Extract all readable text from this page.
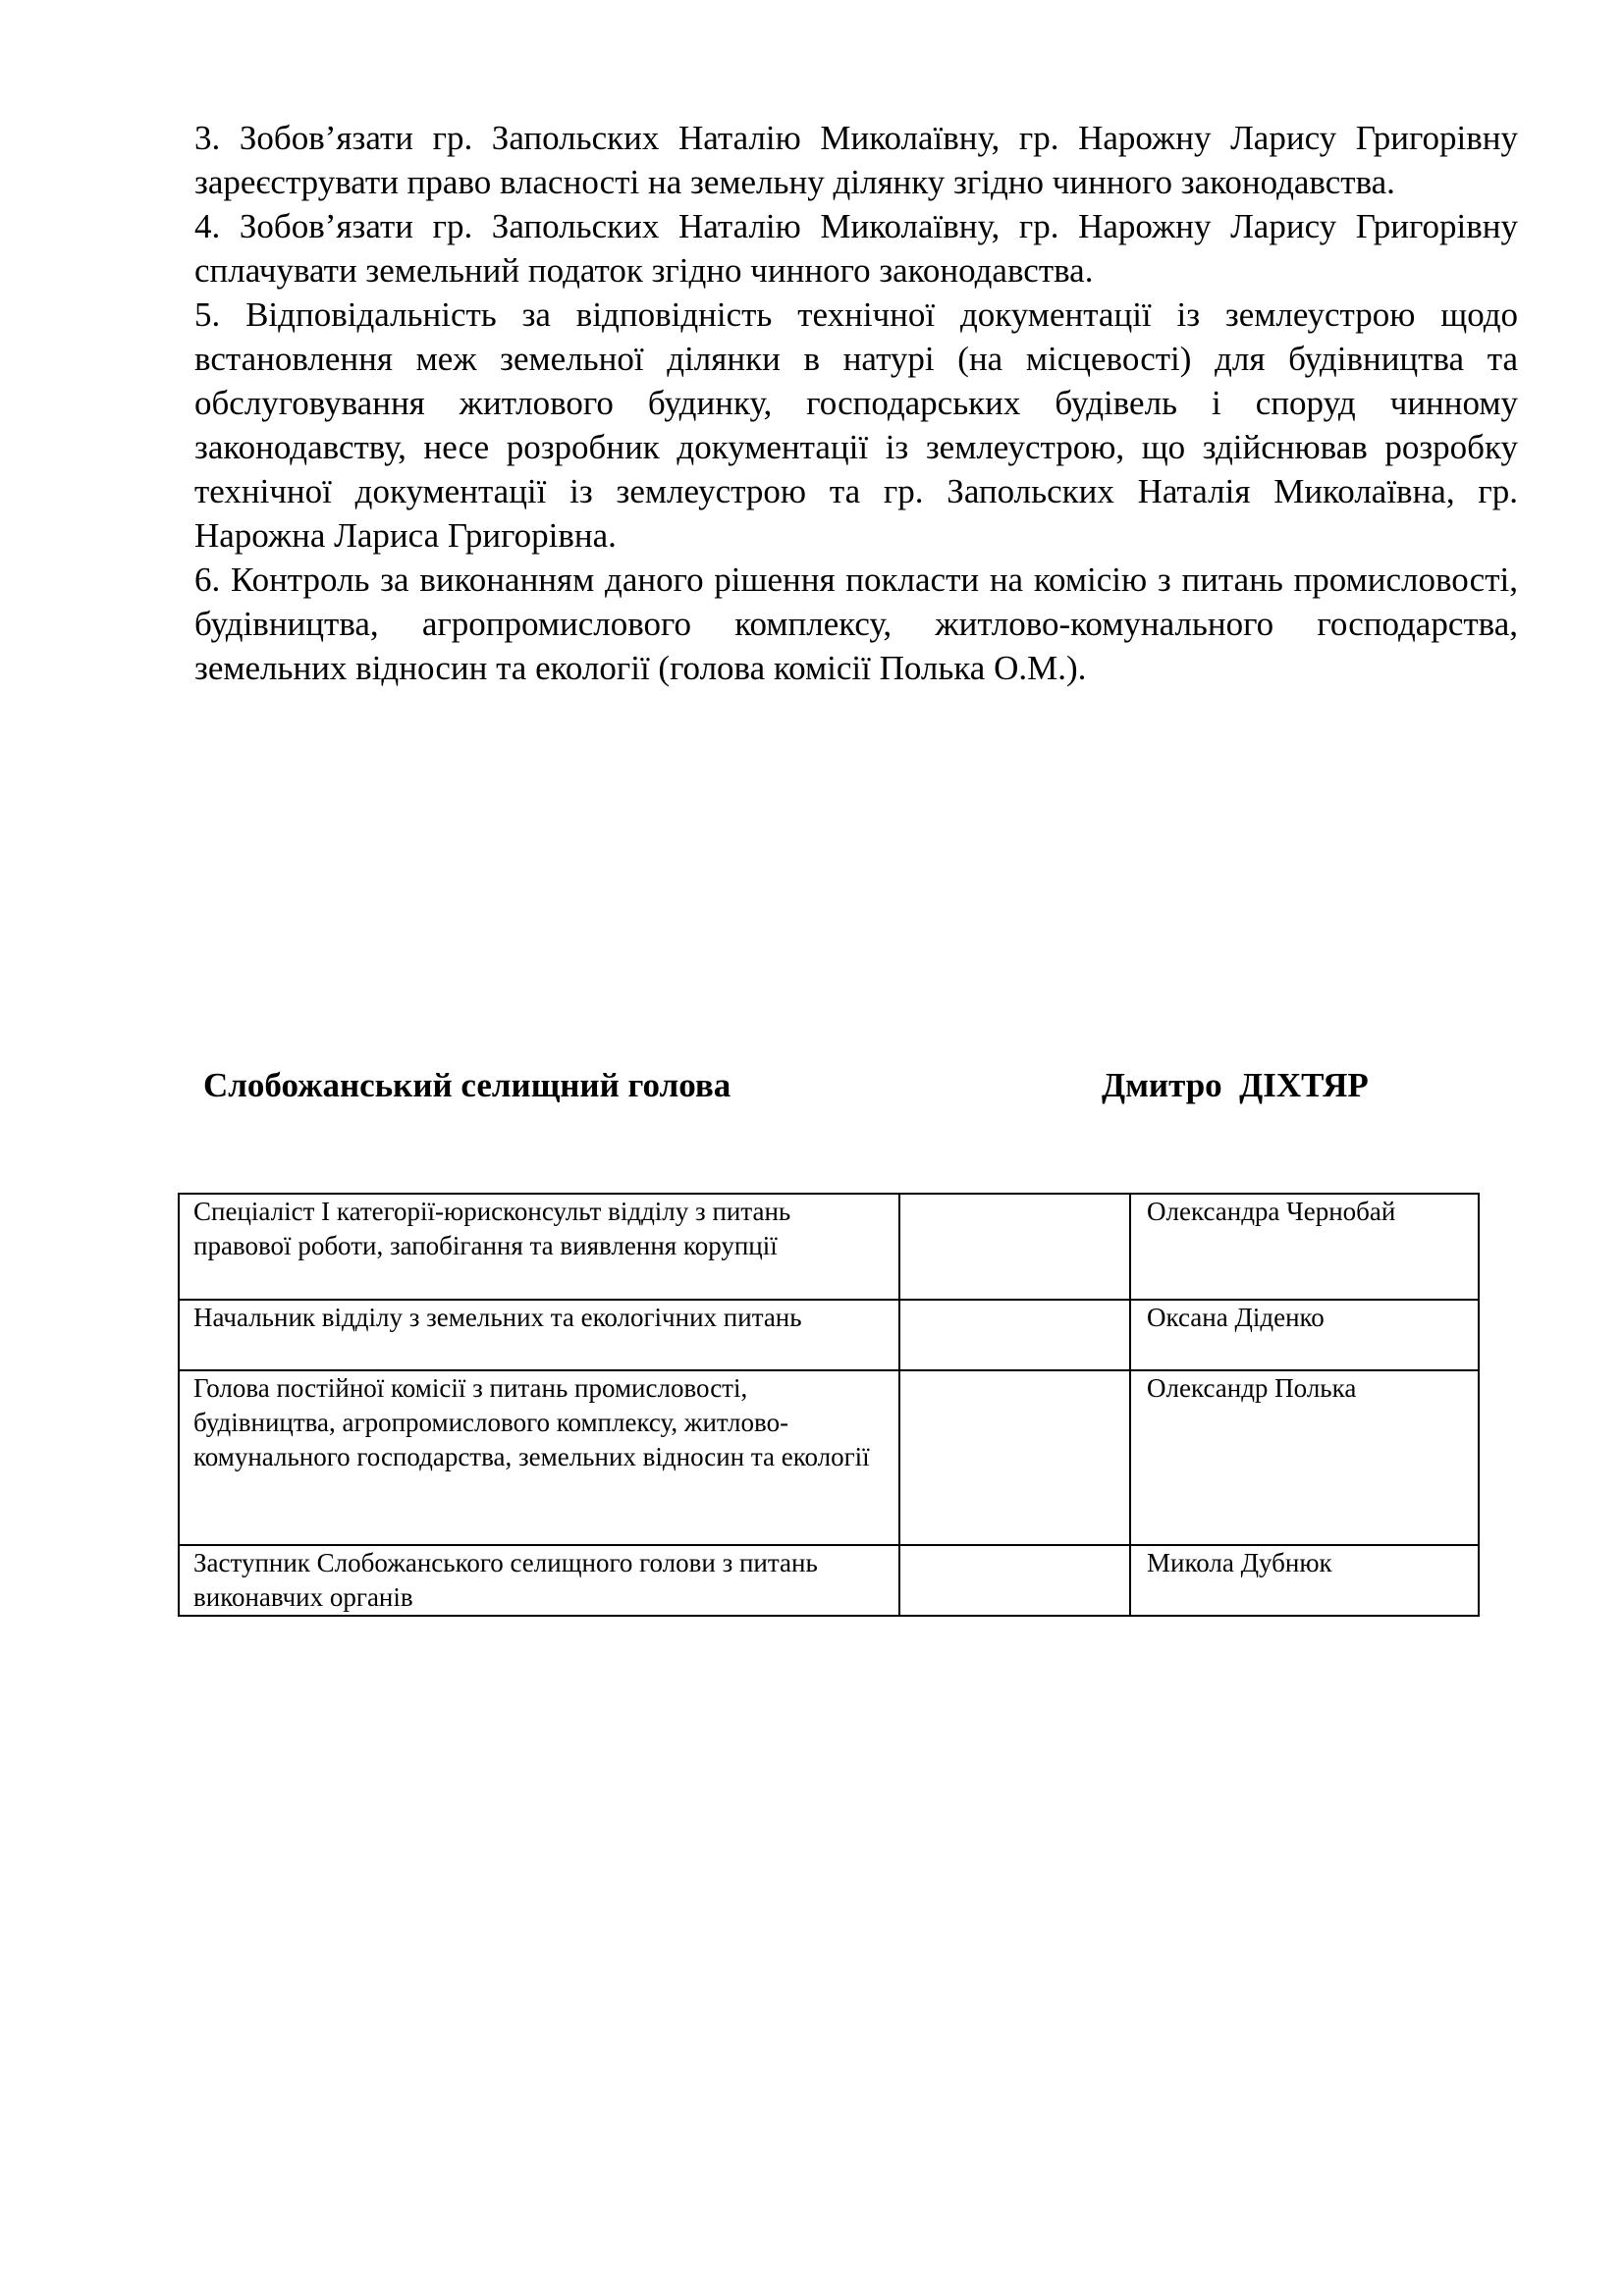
3. Зобов’язати гр. Запольских Наталію Миколаївну, гр. Нарожну Ларису Григорівну зареєструвати право власності на земельну ділянку згідно чинного законодавства.

4. Зобов’язати гр. Запольских Наталію Миколаївну, гр. Нарожну Ларису Григорівну сплачувати земельний податок згідно чинного законодавства.

5. Відповідальність за відповідність технічної документації із землеустрою щодо встановлення меж земельної ділянки в натурі (на місцевості) для будівництва та обслуговування житлового будинку, господарських будівель і споруд чинному законодавству, несе розробник документації із землеустрою, що здійснював розробку технічної документації із землеустрою та гр. Запольских Наталія Миколаївна, гр. Нарожна Лариса Григорівна.

6. Контроль за виконанням даного рішення покласти на комісію з питань промисловості, будівництва, агропромислового комплексу, житлово-комунального господарства, земельних відносин та екології (голова комісії Полька О.М.).

Слобожанський селищний голова	Дмитро  ДІХТЯР
Спеціаліст І категорії-юрисконсульт відділу з питань правової роботи, запобігання та виявлення корупції		Олександра Чернобай
Начальник відділу з земельних та екологічних питань		Оксана Діденко
Голова постійної комісії з питань промисловості, будівництва, агропромислового комплексу, житлово-комунального господарства, земельних відносин та екології		Олександр Полька
Заступник Слобожанського селищного голови з питань виконавчих органів		Микола Дубнюк
